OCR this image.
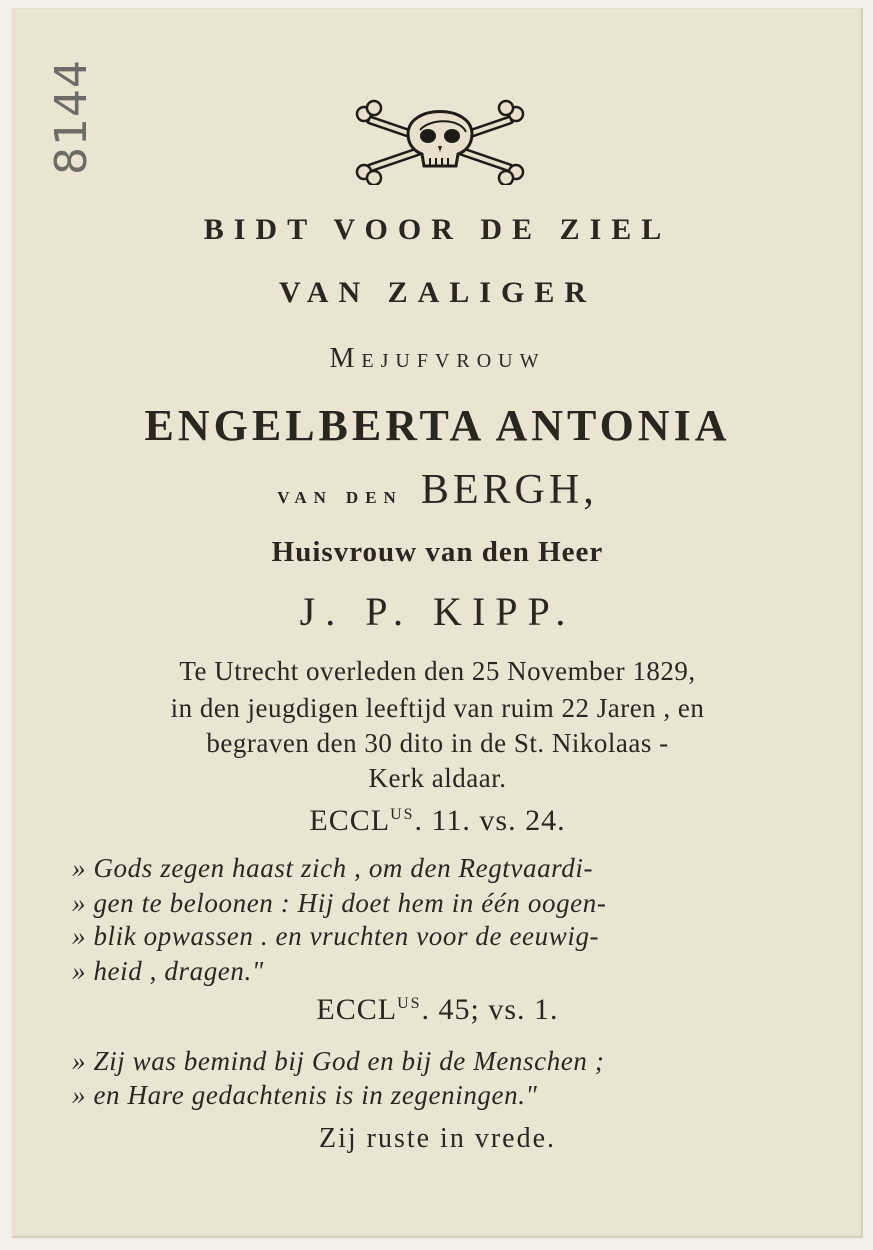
8144
BIDT VOOR DE ZIEL
VAN ZALIGER
Mejufvrouw
ENGELBERTA ANTONIA
van den BERGH,
Huisvrouw van den Heer
J. P. KIPP.
Te Utrecht overleden den 25 November 1829,
in den jeugdigen leeftijd van ruim 22 Jaren , en
begraven den 30 dito in de St. Nikolaas -
Kerk aldaar.
$ECCL^{US}$. 11. vs. 24.
» Gods zegen haast zich , om den Regtvaardi-
» gen te beloonen : Hij doet hem in één oogen-
» blik opwassen . en vruchten voor de eeuwig-
» heid , dragen."
$ECCL^{US}$. 45; vs. 1.
» Zij was bemind bij God en bij de Menschen ;
» en Hare gedachtenis is in zegeningen."
Zij ruste in vrede.
